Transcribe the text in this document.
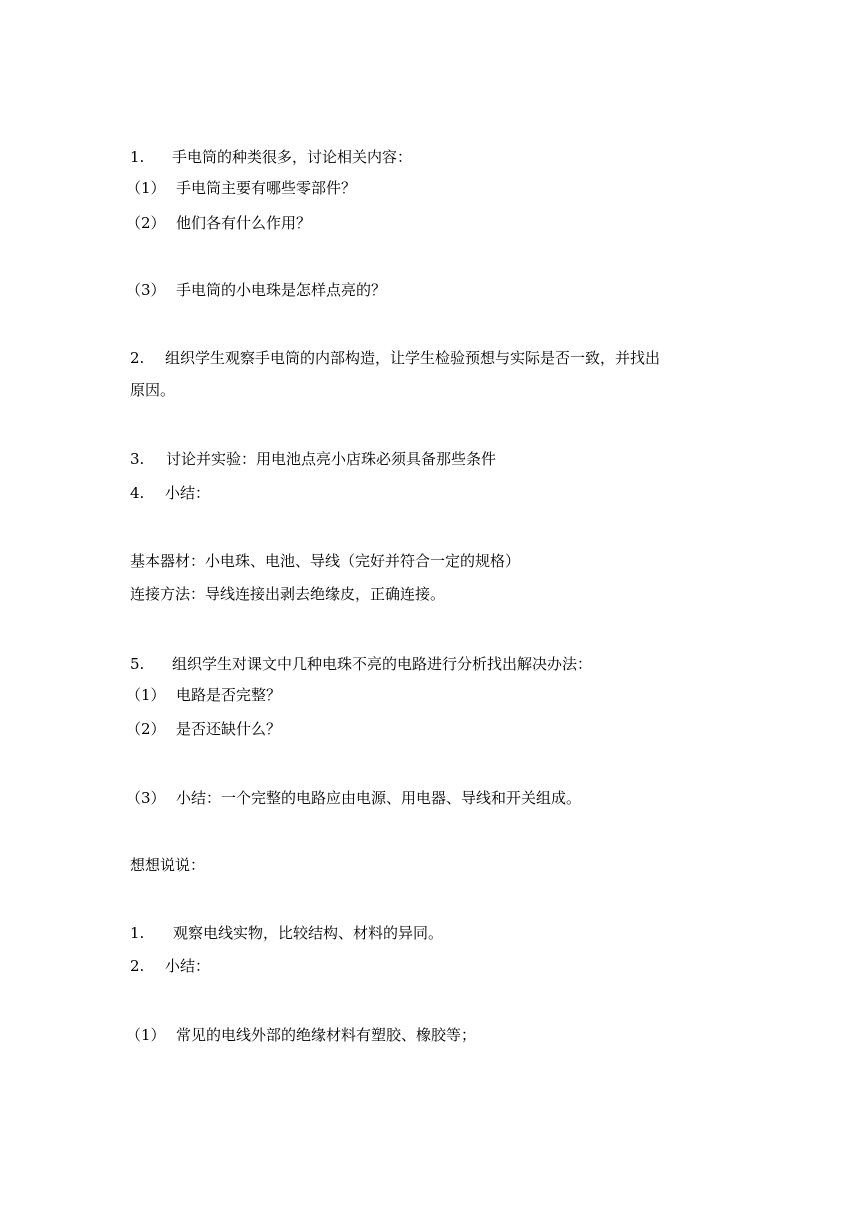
1. 手电筒的种类很多，讨论相关内容：
（1） 手电筒主要有哪些零部件？
（2） 他们各有什么作用？
（3） 手电筒的小电珠是怎样点亮的？
2. 组织学生观察手电筒的内部构造，让学生检验预想与实际是否一致，并找出
原因。
3. 讨论并实验：用电池点亮小店珠必须具备那些条件
4. 小结：
基本器材：小电珠、电池、导线（完好并符合一定的规格）
连接方法：导线连接出剥去绝缘皮，正确连接。
5. 组织学生对课文中几种电珠不亮的电路进行分析找出解决办法：
（1） 电路是否完整？
（2） 是否还缺什么？
（3） 小结：一个完整的电路应由电源、用电器、导线和开关组成。
想想说说：
1. 观察电线实物，比较结构、材料的异同。
2. 小结：
（1） 常见的电线外部的绝缘材料有塑胶、橡胶等；
